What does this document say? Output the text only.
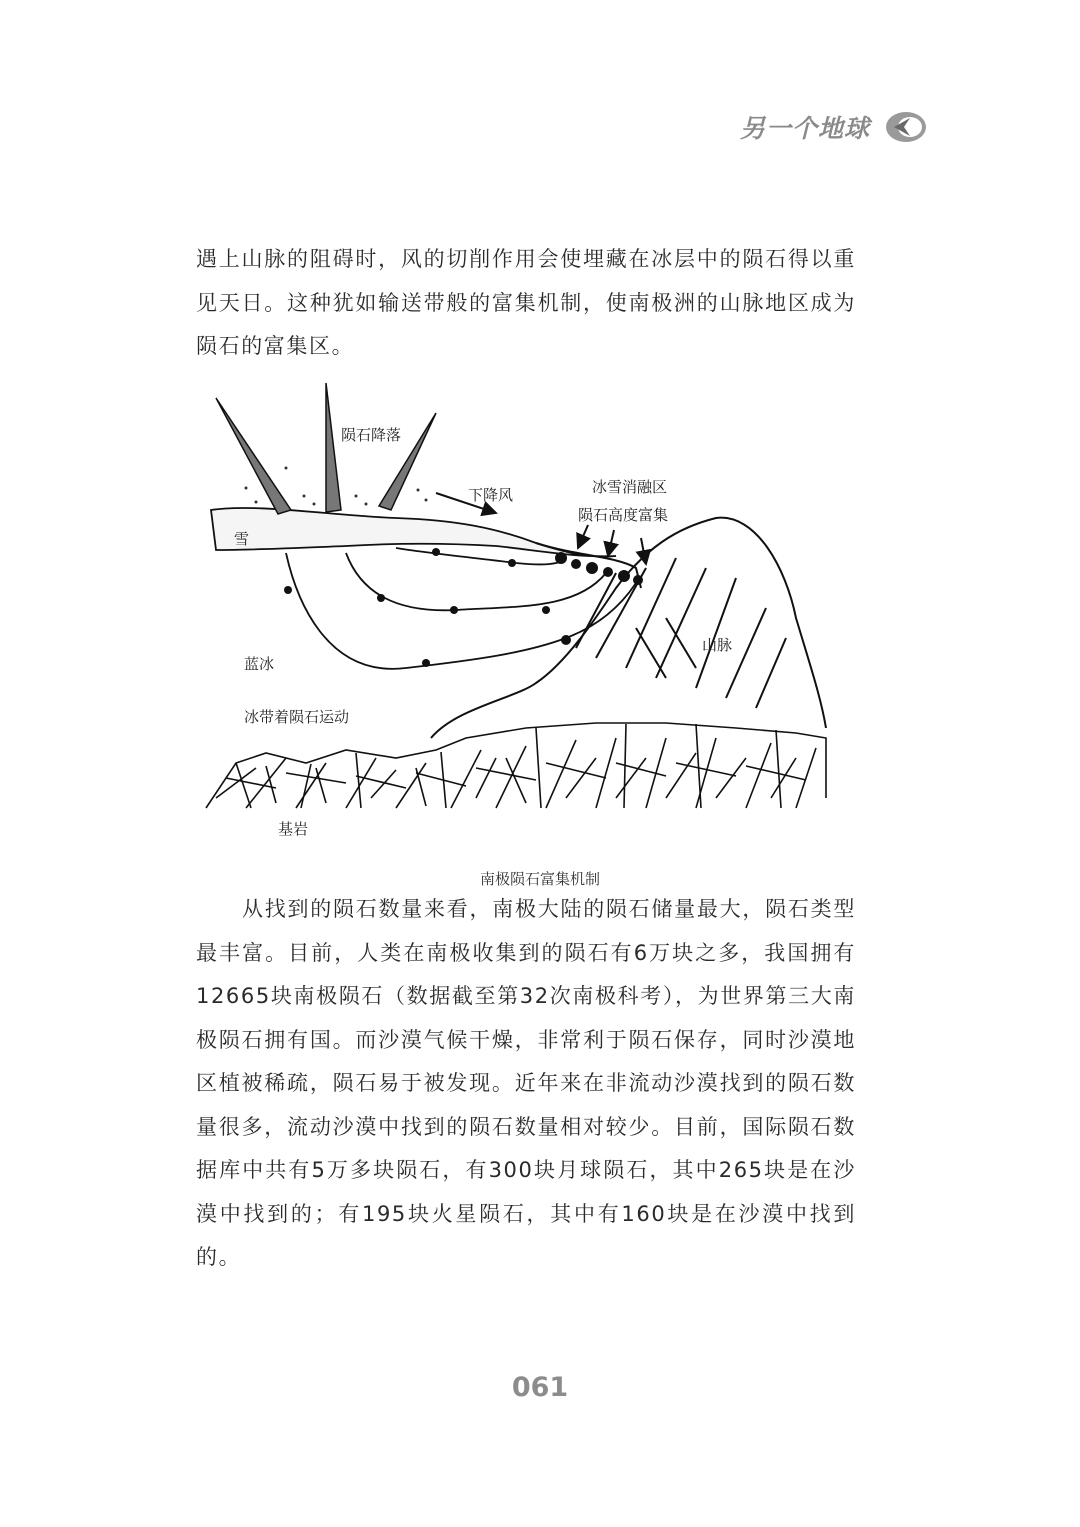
另一个地球

遇上山脉的阻碍时，风的切削作用会使埋藏在冰层中的陨石得以重见天日。这种犹如输送带般的富集机制，使南极洲的山脉地区成为陨石的富集区。

陨石降落
下降风	冰雪消融区
陨石高度富集
雪
山脉
蓝冰
冰带着陨石运动
基岩
南极陨石富集机制

从找到的陨石数量来看，南极大陆的陨石储量最大，陨石类型最丰富。目前，人类在南极收集到的陨石有6万块之多，我国拥有12665块南极陨石（数据截至第32次南极科考），为世界第三大南极陨石拥有国。而沙漠气候干燥，非常利于陨石保存，同时沙漠地区植被稀疏，陨石易于被发现。近年来在非流动沙漠找到的陨石数量很多，流动沙漠中找到的陨石数量相对较少。目前，国际陨石数据库中共有5万多块陨石，有300块月球陨石，其中265块是在沙漠中找到的；有195块火星陨石，其中有160块是在沙漠中找到的。

061
